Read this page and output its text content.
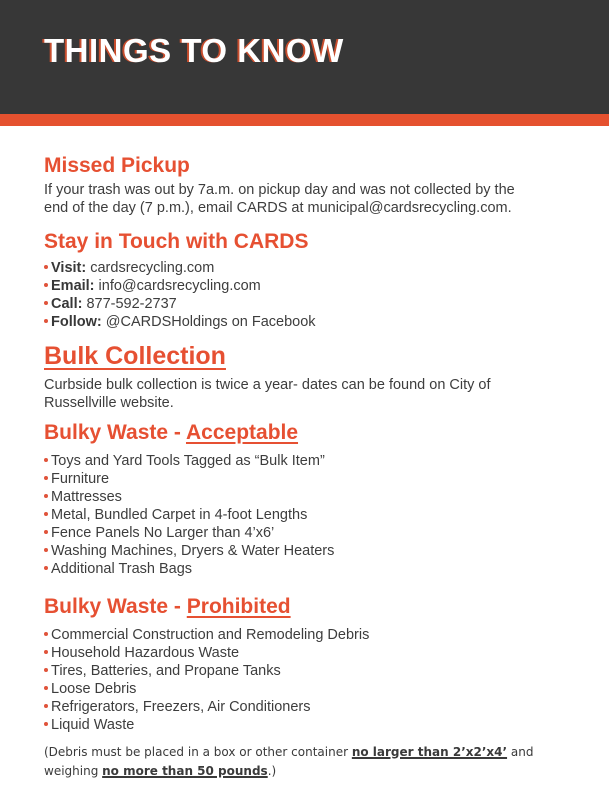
THINGS TO KNOW
Missed Pickup

If your trash was out by 7a.m. on pickup day and was not collected by the end of the day (7 p.m.), email CARDS at municipal@cardsrecycling.com.

Stay in Touch with CARDS
Visit: cardsrecycling.com
Email: info@cardsrecycling.com
Call: 877-592-2737
Follow: @CARDSHoldings on Facebook
Bulk Collection

Curbside bulk collection is twice a year- dates can be found on City of Russellville website.

Bulky Waste - Acceptable
Toys and Yard Tools Tagged as “Bulk Item”
Furniture
Mattresses
Metal, Bundled Carpet in 4-foot Lengths
Fence Panels No Larger than 4’x6’
Washing Machines, Dryers & Water Heaters
Additional Trash Bags
Bulky Waste - Prohibited
Commercial Construction and Remodeling Debris
Household Hazardous Waste
Tires, Batteries, and Propane Tanks
Loose Debris
Refrigerators, Freezers, Air Conditioners
Liquid Waste

(Debris must be placed in a box or other container no larger than 2’x2’x4’ and weighing no more than 50 pounds.)
